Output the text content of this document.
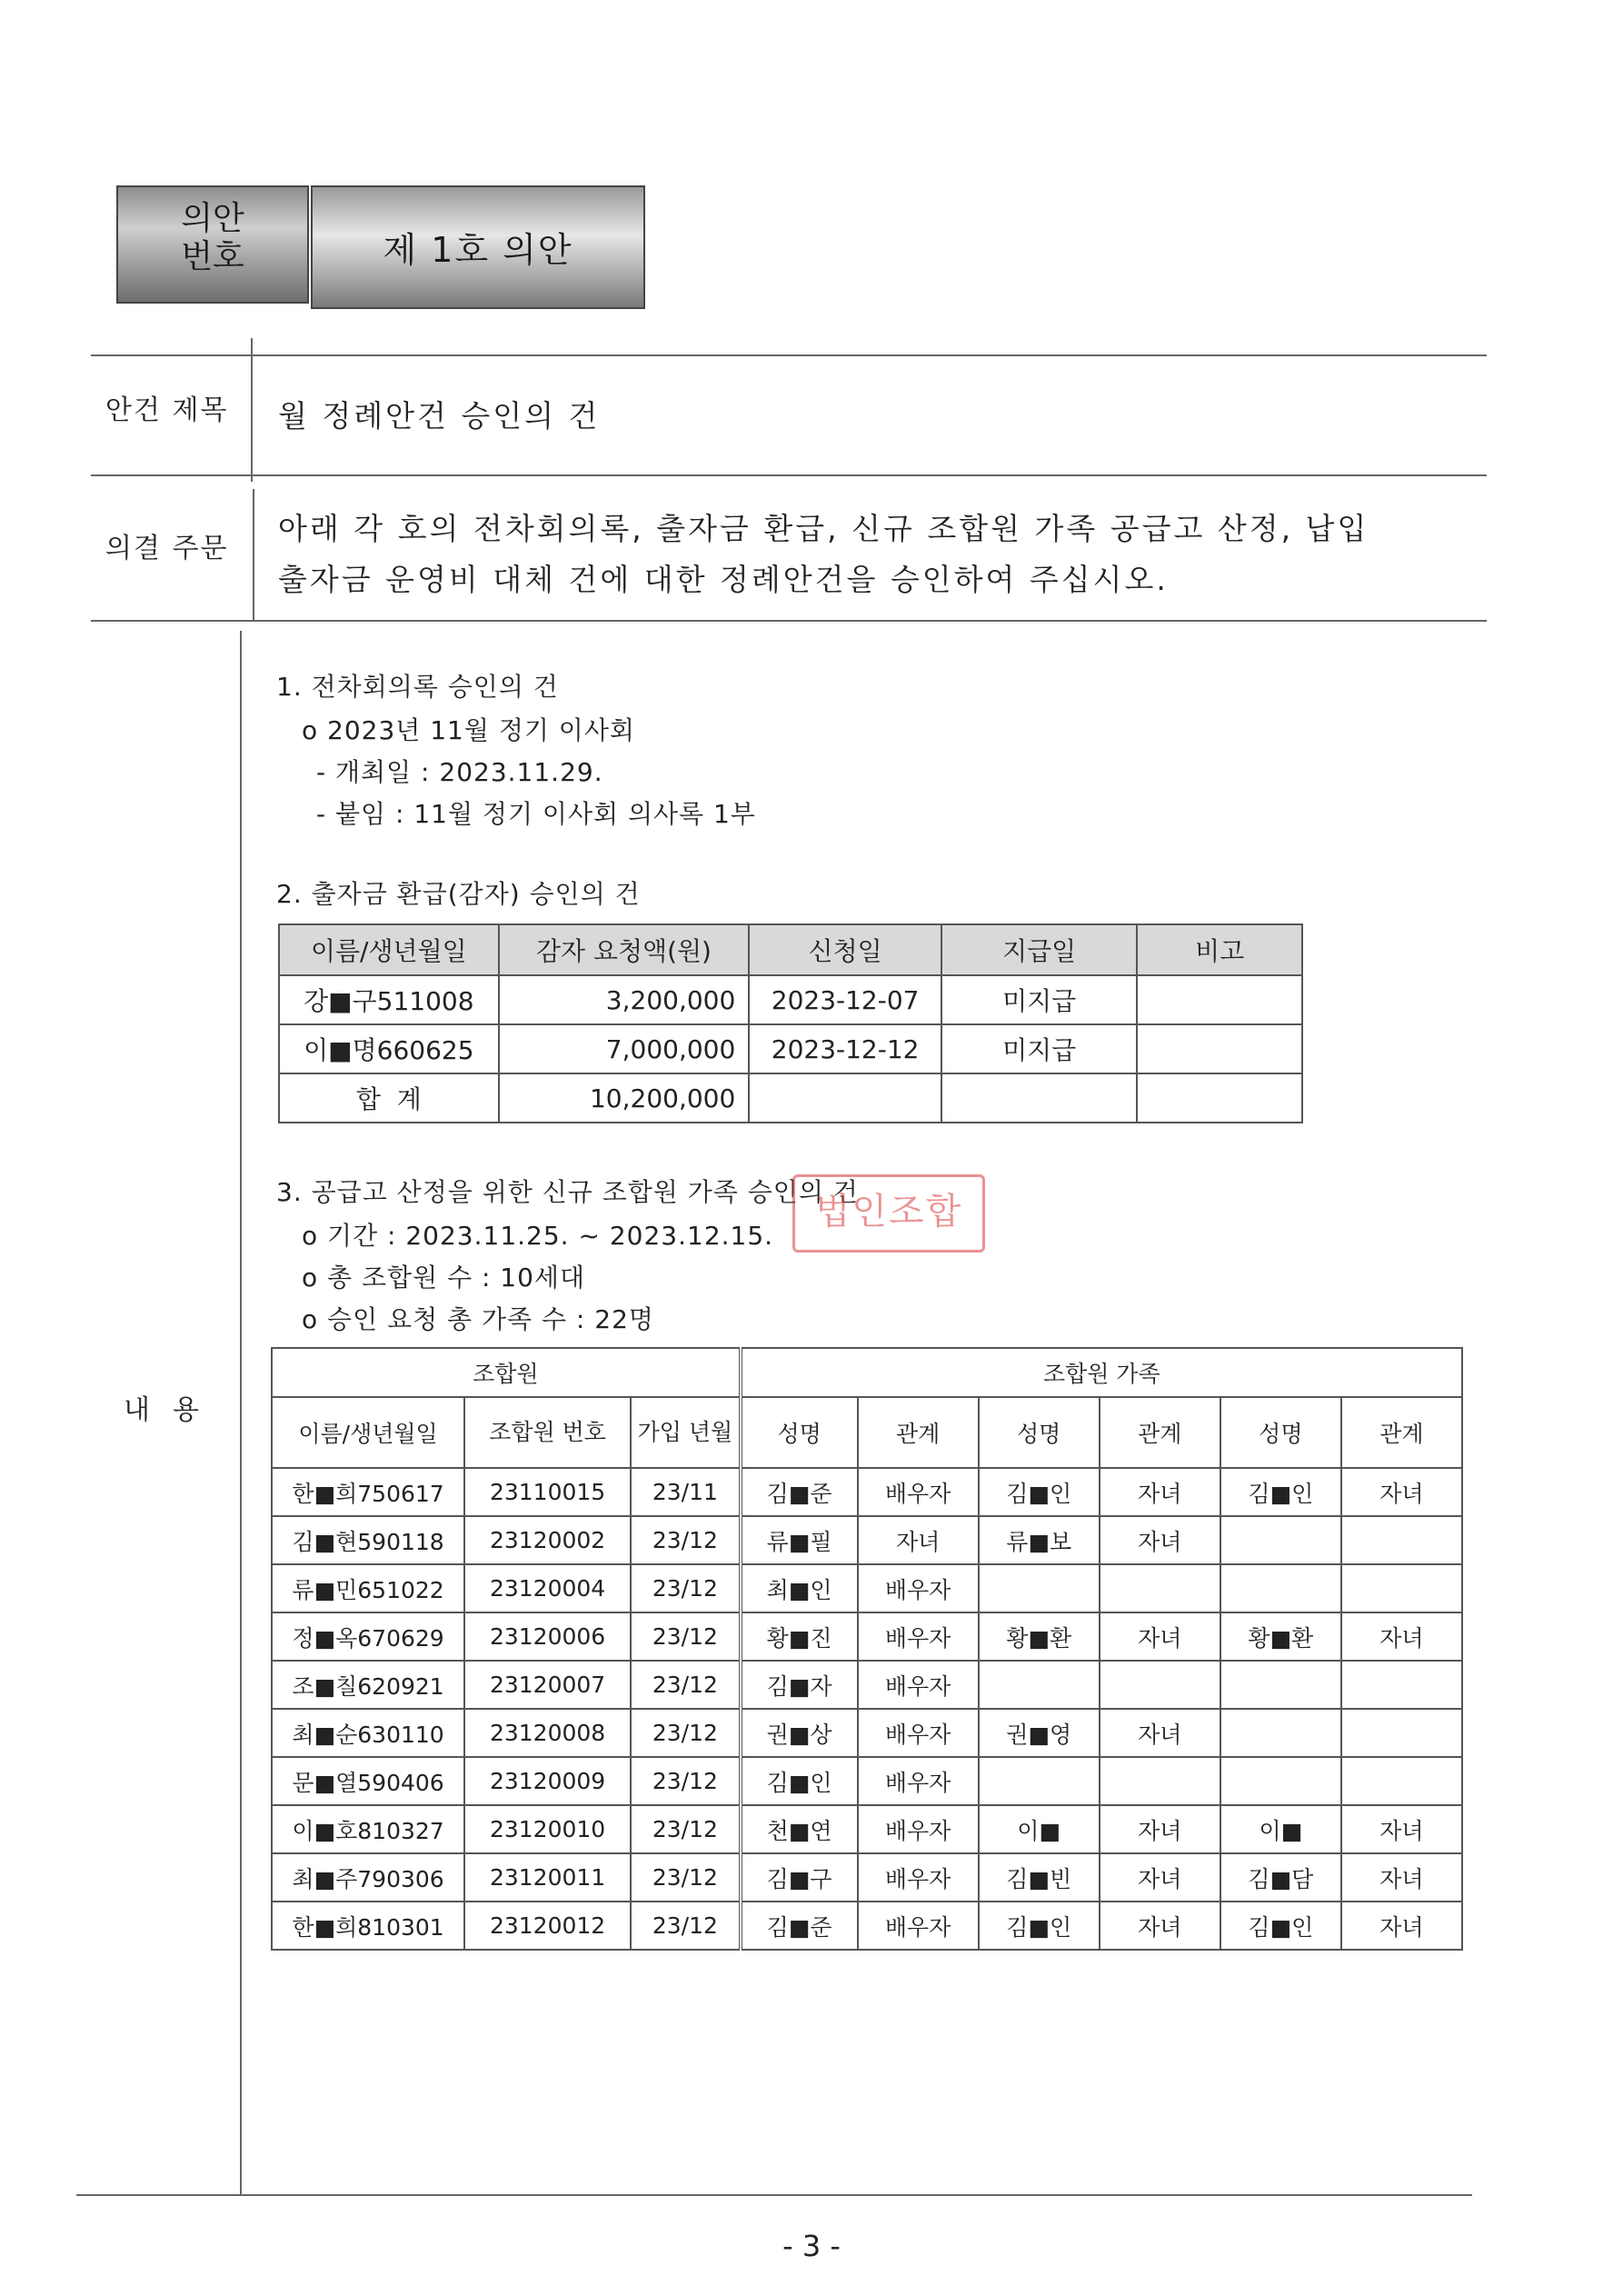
의안
번호	제 1호 의안
안건 제목 월 정례안건 승인의 건
의결 주문
아래 각 호의 전차회의록, 출자금 환급, 신규 조합원 가족 공급고 산정, 납입
출자금 운영비 대체 건에 대한 정례안건을 승인하여 주십시오.
내  용
1. 전차회의록 승인의 건
o 2023년 11월 정기 이사회
- 개최일 : 2023.11.29.
- 붙임 : 11월 정기 이사회 의사록 1부
2. 출자금 환급(감자) 승인의 건
이름/생년월일	감자 요청액(원)	신청일	지급일	비고
강■구511008	3,200,000	2023-12-07	미지급	
이■명660625	7,000,000	2023-12-12	미지급	
합  계	10,200,000			
3. 공급고 산정을 위한 신규 조합원 가족 승인의 건
법인조합
o 기간 : 2023.11.25. ~ 2023.12.15.
o 총 조합원 수 : 10세대
o 승인 요청 총 가족 수 : 22명
조합원			조합원 가족					
이름/생년월일	조합원 번호	가입 년월	성명	관계	성명	관계	성명	관계
한■희750617	23110015	23/11	김■준	배우자	김■인	자녀	김■인	자녀
김■현590118	23120002	23/12	류■필	자녀	류■보	자녀		
류■민651022	23120004	23/12	최■인	배우자				
정■옥670629	23120006	23/12	황■진	배우자	황■환	자녀	황■환	자녀
조■칠620921	23120007	23/12	김■자	배우자				
최■순630110	23120008	23/12	권■상	배우자	권■영	자녀		
문■열590406	23120009	23/12	김■인	배우자				
이■호810327	23120010	23/12	천■연	배우자	이■	자녀	이■	자녀
최■주790306	23120011	23/12	김■구	배우자	김■빈	자녀	김■담	자녀
한■희810301	23120012	23/12	김■준	배우자	김■인	자녀	김■인	자녀
- 3 -
